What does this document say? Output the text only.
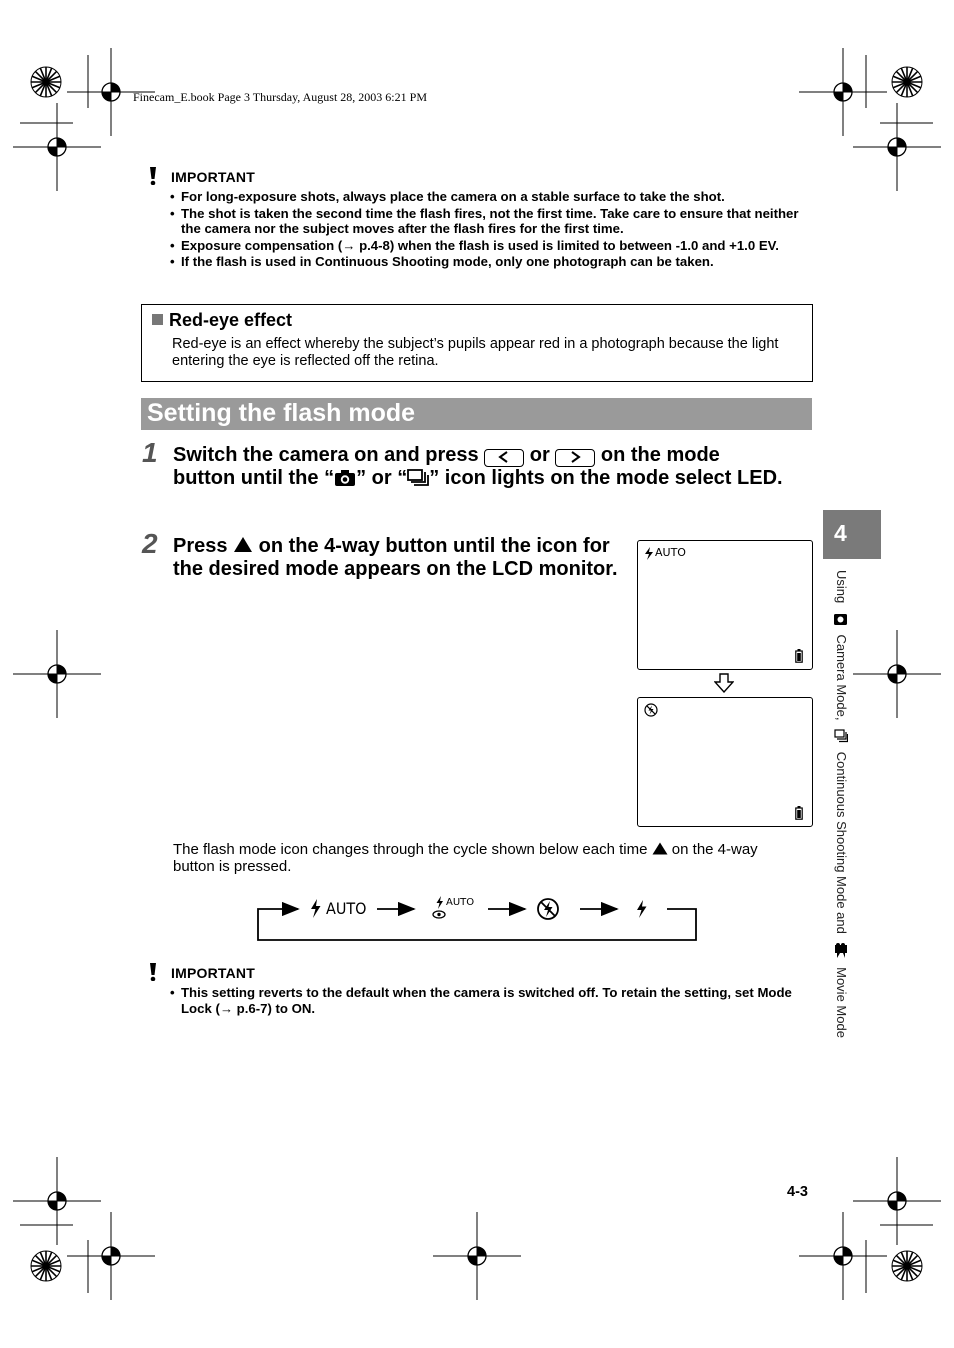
Finecam_E.book Page 3 Thursday, August 28, 2003 6:21 PM
IMPORTANT
• For long-exposure shots, always place the camera on a stable surface to take the shot.
• The shot is taken the second time the flash fires, not the first time. Take care to ensure that neither the camera nor the subject moves after the flash fires for the first time.
• Exposure compensation (→ p.4-8) when the flash is used is limited to between -1.0 and +1.0 EV.
• If the flash is used in Continuous Shooting mode, only one photograph can be taken.
Red-eye effect
Red-eye is an effect whereby the subject’s pupils appear red in a photograph because the light entering the eye is reflected off the retina.
Setting the flash mode
1 Switch the camera on and press	or	on the mode
button until the “ ” or “ ” icon lights on the mode select LED.
2 Press on the 4-way button until the icon for the desired mode appears on the LCD monitor.
AUTO
The flash mode icon changes through the cycle shown below each time on the 4-way button is pressed.
AUTO	AUTO
IMPORTANT
• This setting reverts to the default when the camera is switched off. To retain the setting, set Mode Lock (→ p.6-7) to ON.
4
Using  Camera Mode,  Continuous Shooting Mode and  Movie Mode
4-3
